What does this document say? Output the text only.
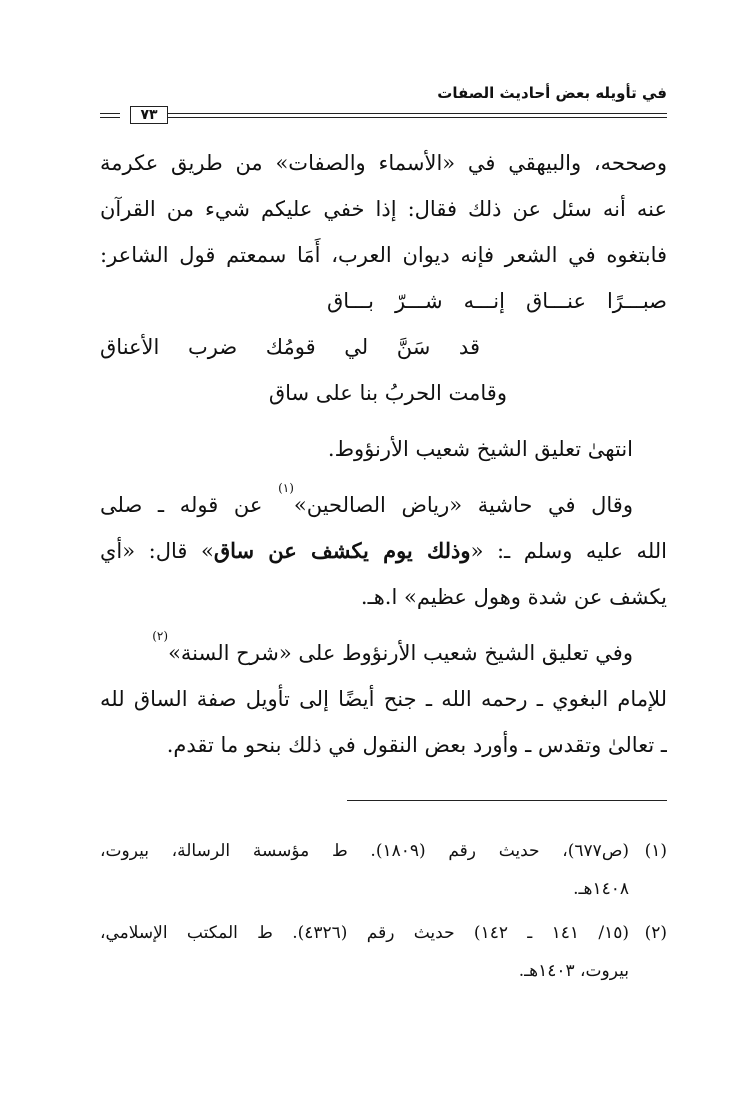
في تأويله بعض أحاديث الصفات
٧٣
وصححه، والبيهقي في «الأسماء والصفات» من طريق عكرمة
عنه أنه سئل عن ذلك فقال: إذا خفي عليكم شيء من القرآن
فابتغوه في الشعر فإنه ديوان العرب، أَمَا سمعتم قول الشاعر:
صبـــرًا عنـــاق إنـــه شـــرّ بـــاق
قد سَنَّ لي قومُك ضرب الأعناق
وقامت الحربُ بنا على ساق
انتهىٰ تعليق الشيخ شعيب الأرنؤوط.
وقال في حاشية «رياض الصالحين»$^{(١)}$ عن قوله ـ صلى
الله عليه وسلم ـ: «وذلك يوم يكشف عن ساق» قال: «أي
يكشف عن شدة وهول عظيم» ا.هـ.
وفي تعليق الشيخ شعيب الأرنؤوط على «شرح السنة»$^{(٢)}$
للإمام البغوي ـ رحمه الله ـ جنح أيضًا إلى تأويل صفة الساق لله
ـ تعالىٰ وتقدس ـ وأورد بعض النقول في ذلك بنحو ما تقدم.
(١)
(ص٦٧٧)، حديث رقم (١٨٠٩). ط مؤسسة الرسالة، بيروت،
١٤٠٨هـ.
(٢)
(١٥/ ١٤١ ـ ١٤٢) حديث رقم (٤٣٢٦). ط المكتب الإسلامي،
بيروت، ١٤٠٣هـ.
